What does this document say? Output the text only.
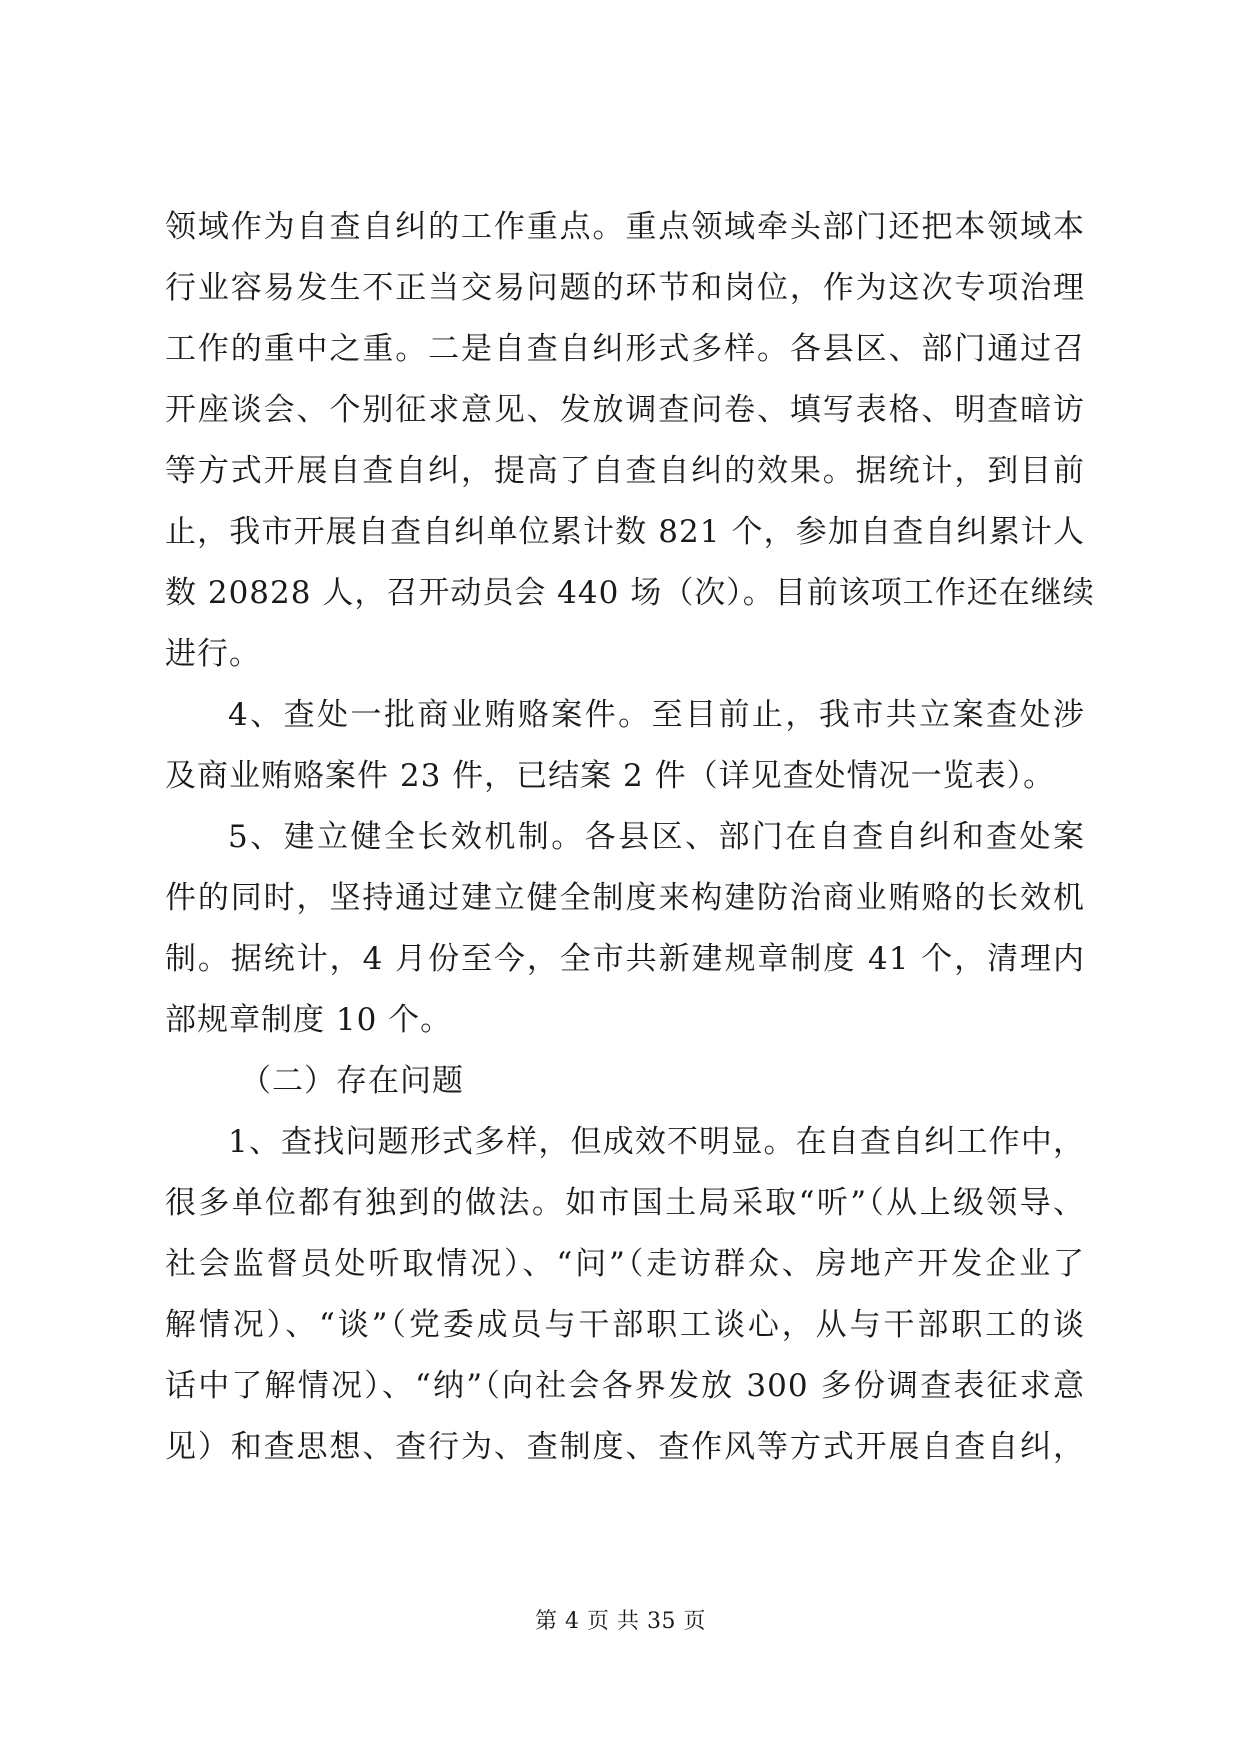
领域作为自查自纠的工作重点。重点领域牵头部门还把本领域本
行业容易发生不正当交易问题的环节和岗位，作为这次专项治理
工作的重中之重。二是自查自纠形式多样。各县区、部门通过召
开座谈会、个别征求意见、发放调查问卷、填写表格、明查暗访
等方式开展自查自纠，提高了自查自纠的效果。据统计，到目前
止，我市开展自查自纠单位累计数 821 个，参加自查自纠累计人
数 20828 人，召开动员会 440 场（次）。目前该项工作还在继续
进行。
4、查处一批商业贿赂案件。至目前止，我市共立案查处涉
及商业贿赂案件 23 件，已结案 2 件（详见查处情况一览表）。
5、建立健全长效机制。各县区、部门在自查自纠和查处案
件的同时，坚持通过建立健全制度来构建防治商业贿赂的长效机
制。据统计，4 月份至今，全市共新建规章制度 41 个，清理内
部规章制度 10 个。
（二）存在问题
1、查找问题形式多样，但成效不明显。在自查自纠工作中，
很多单位都有独到的做法。如市国土局采取“听”（从上级领导、
社会监督员处听取情况）、“问”（走访群众、房地产开发企业了
解情况）、“谈”（党委成员与干部职工谈心，从与干部职工的谈
话中了解情况）、“纳”（向社会各界发放 300 多份调查表征求意
见）和查思想、查行为、查制度、查作风等方式开展自查自纠，
第 4 页 共 35 页
